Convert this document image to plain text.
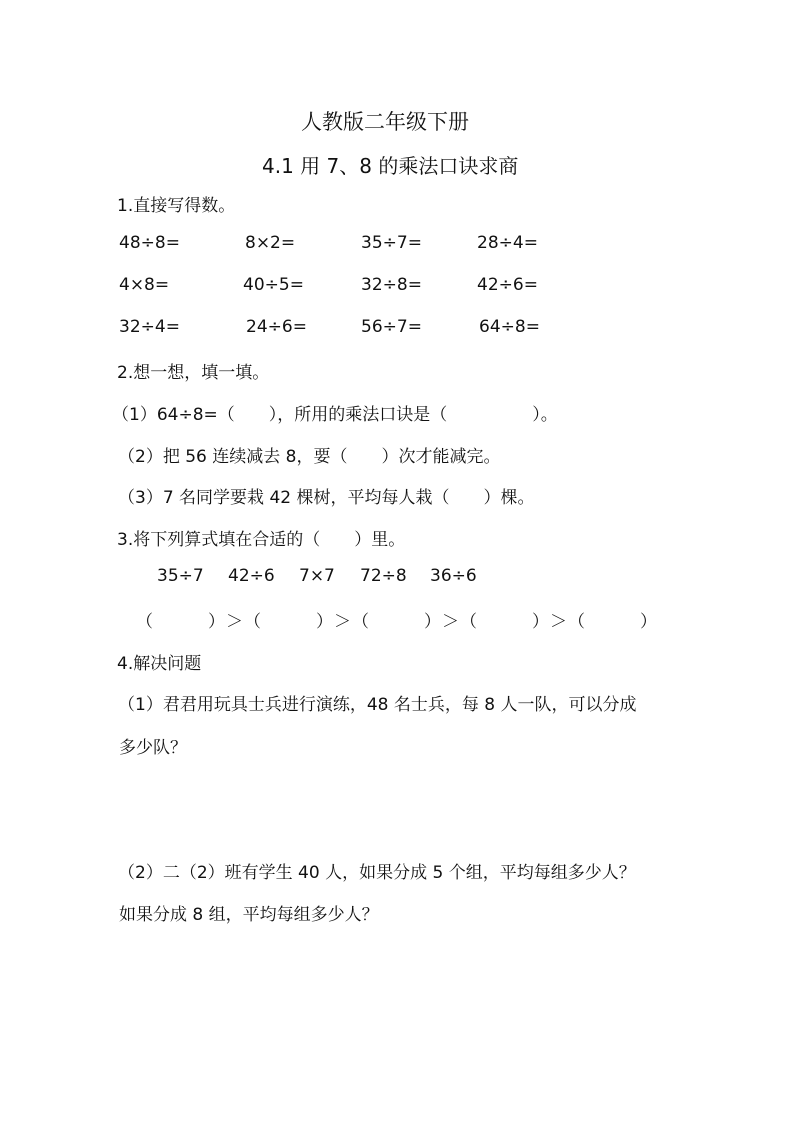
人教版二年级下册
4.1 用 7、8 的乘法口诀求商
1.直接写得数。
48÷8=	8×2=	35÷7=	28÷4=
4×8=	40÷5=	32÷8=	42÷6=
32÷4=	24÷6=	56÷7=	64÷8=
2.想一想，填一填。
（1）64÷8=（　　），所用的乘法口诀是（　　　　　）。
（2）把 56 连续减去 8，要（　　）次才能减完。
（3）7 名同学要栽 42 棵树，平均每人栽（　　）棵。
3.将下列算式填在合适的（　　）里。
35÷7 42÷6 7×7 72÷8 36÷6
（　　　）＞（　　　）＞（　　　）＞（　　　）＞（　　　）
4.解决问题
（1）君君用玩具士兵进行演练，48 名士兵，每 8 人一队，可以分成
多少队？
（2）二（2）班有学生 40 人，如果分成 5 个组，平均每组多少人？
如果分成 8 组，平均每组多少人？
